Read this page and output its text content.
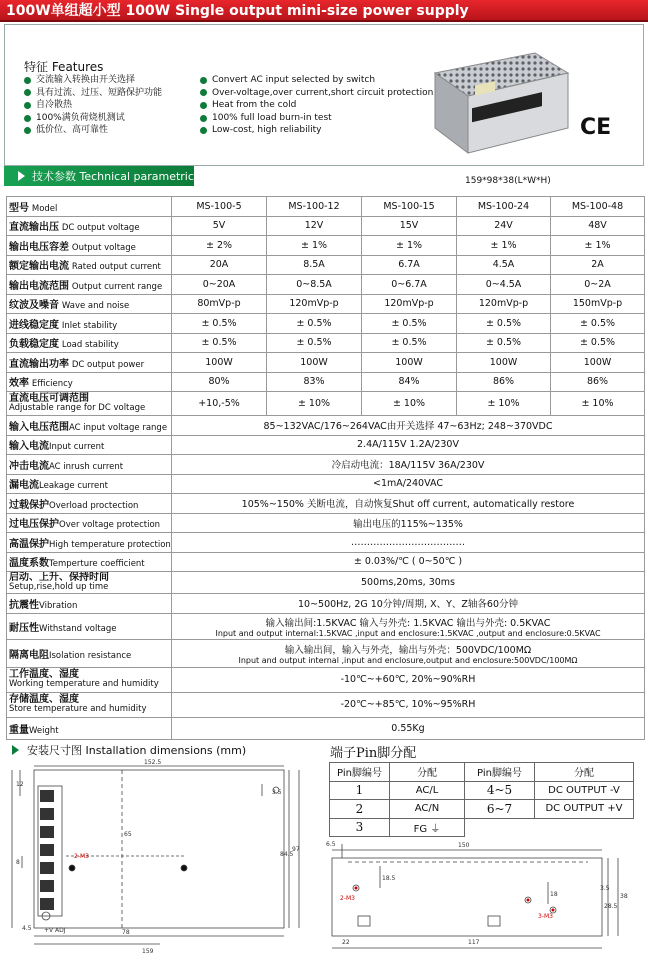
100W单组超小型 100W Single output mini-size power supply
特征 Features
交流输入转换由开关选择
具有过流、过压、短路保护功能
自冷散热
100%满负荷烧机测试
低价位、高可靠性
Convert AC input selected by switch
Over-voltage,over current,short circuit protection
Heat from the cold
100% full load burn-in test
Low-cost, high reliability	CE
159*98*38(L*W*H)
技术参数 Technical parametric
型号 Model	MS-100-5	MS-100-12	MS-100-15	MS-100-24	MS-100-48
直流输出压 DC output voltage	5V	12V	15V	24V	48V
输出电压容差 Output voltage	± 2%	± 1%	± 1%	± 1%	± 1%
额定输出电流 Rated output current	20A	8.5A	6.7A	4.5A	2A
输出电流范围 Output current range	0~20A	0~8.5A	0~6.7A	0~4.5A	0~2A
纹波及噪音 Wave and noise	80mVp-p	120mVp-p	120mVp-p	120mVp-p	150mVp-p
进线稳定度 Inlet stability	± 0.5%	± 0.5%	± 0.5%	± 0.5%	± 0.5%
负载稳定度 Load stability	± 0.5%	± 0.5%	± 0.5%	± 0.5%	± 0.5%
直流输出功率 DC output power	100W	100W	100W	100W	100W
效率 Efficiency	80%	83%	84%	86%	86%

直流电压可调范围
Adjustable range for DC voltage	+10,-5%	± 10%	± 10%	± 10%	± 10%
输入电压范围AC input voltage range	85~132VAC/176~264VAC由开关选择 47~63Hz; 248~370VDC				
输入电流Input current	2.4A/115V 1.2A/230V				
冲击电流AC inrush current	冷启动电流：18A/115V 36A/230V				
漏电流Leakage current	<1mA/240VAC				
过载保护Overload proctection	105%~150% 关断电流，自动恢复Shut off current, automatically restore				
过电压保护Over voltage protection	输出电压的115%~135%				
高温保护High temperature protection	………………………………				
温度系数Temperture coefficient	± 0.03%/℃ ( 0~50℃ )				

启动、上升、保持时间
Setup,rise,hold up time	500ms,20ms, 30ms				
抗震性Vibration	10~500Hz, 2G 10分钟/周期, X、Y、Z轴各60分钟				
耐压性Withstand voltage	输入输出间:1.5KVAC 输入与外壳: 1.5KVAC 输出与外壳: 0.5KVAC
Input and output internal:1.5KVAC ,input and enclosure:1.5KVAC ,output and enclosure:0.5KVAC				

隔离电阻Isolation resistance	输入输出间，输入与外壳，输出与外壳：500VDC/100MΩ
Input and output internal ,input and enclosure,output and enclosure:500VDC/100MΩ				

工作温度、湿度
Working temperature and humidity	-10℃~+60℃, 20%~90%RH				

存储温度、湿度
Store temperature and humidity	-20℃~+85℃, 10%~95%RH				
重量Weight	0.55Kg				
安装尺寸图 Installation dimensions (mm)
152.5
12
3.5
65
84.5
97
8
2-M3
+V ADJ
4.5
78
159
端子Pin脚分配
Pin脚编号	分配	Pin脚编号	分配
1	AC/L	4~5	DC OUTPUT -V
2	AC/N	6~7	DC OUTPUT +V
3	FG ⏚		
6.5	150
18.5
2-M3
3-M3
18
3.5
28.5
38
22	117
